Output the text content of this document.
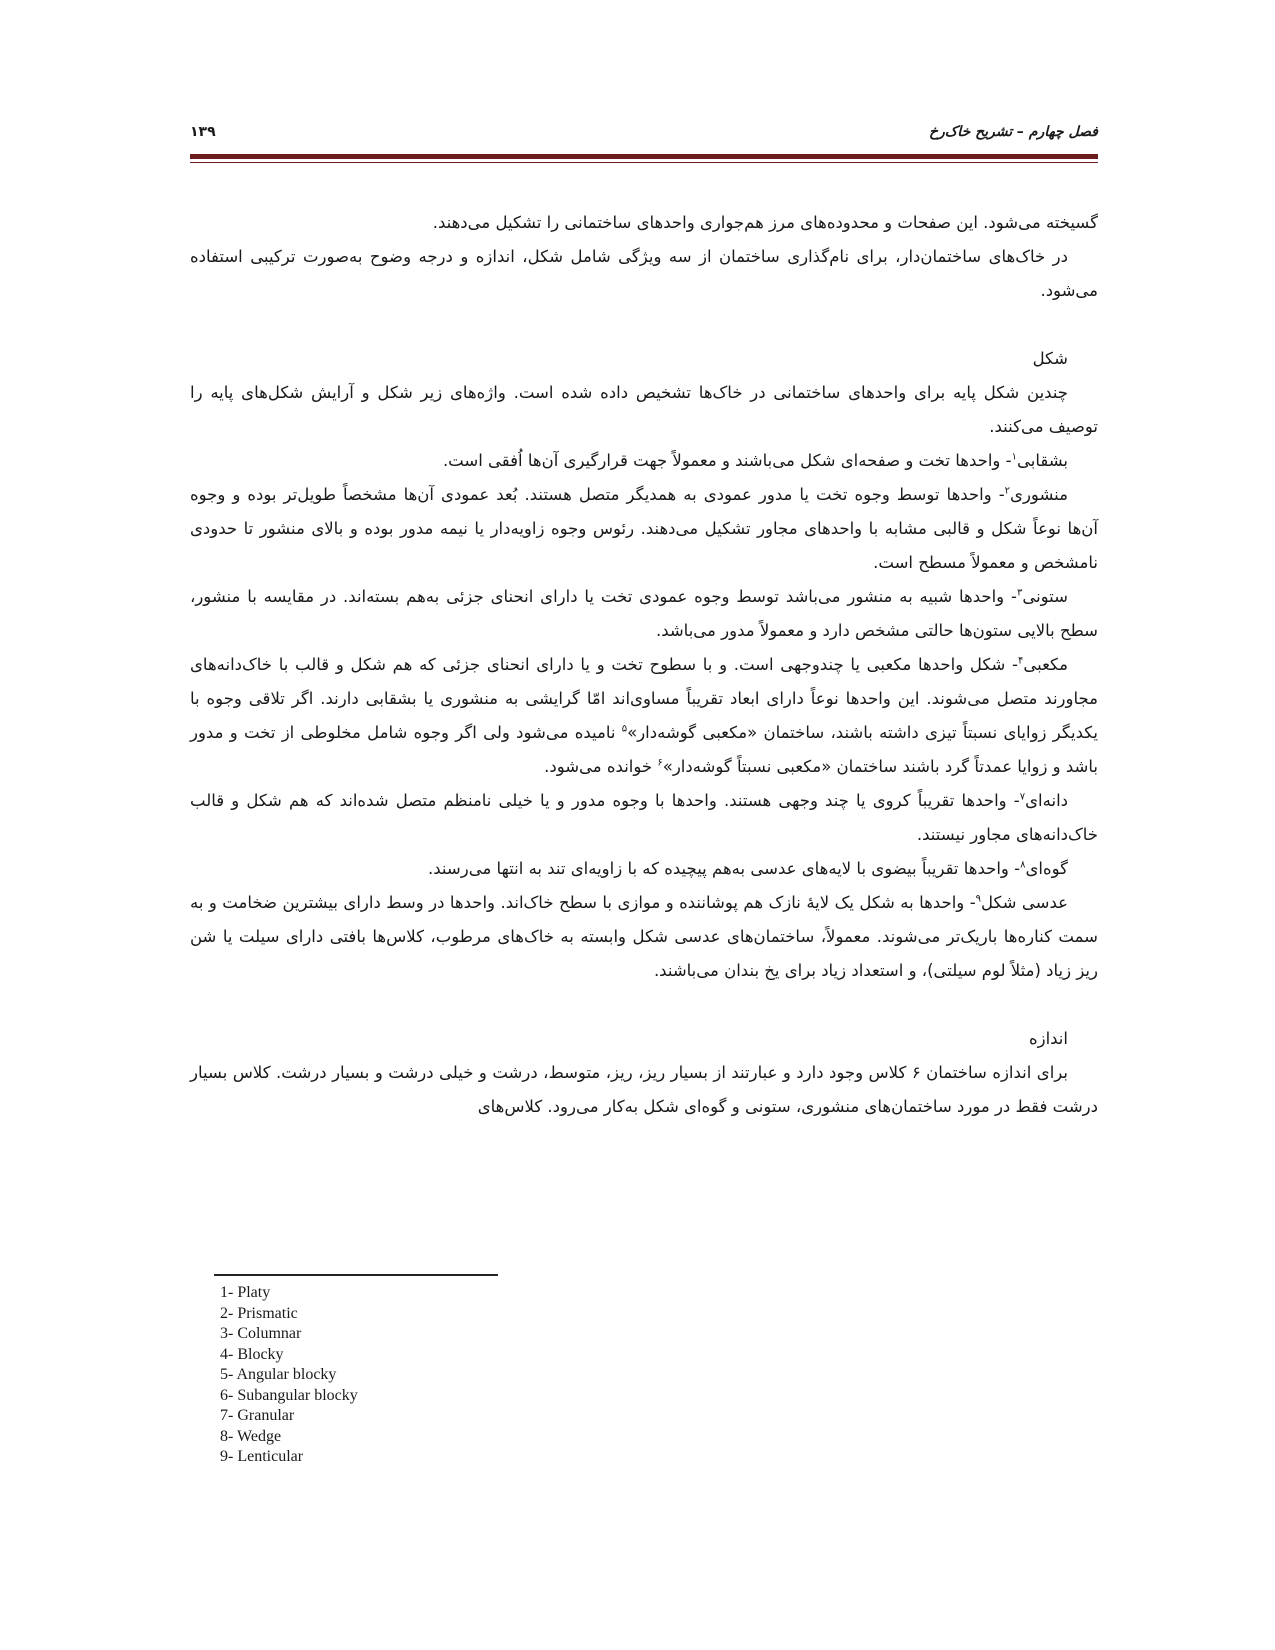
فصل چهارم – تشریح خاک‌رخ
۱۳۹

گسیخته می‌شود. این صفحات و محدوده‌های مرز هم‌جواری واحدهای ساختمانی را تشکیل می‌دهند.

در خاک‌های ساختمان‌دار، برای نام‌گذاری ساختمان از سه ویژگی شامل شکل، اندازه و درجه وضوح به‌صورت ترکیبی استفاده می‌شود.

شکل

چندین شکل پایه برای واحدهای ساختمانی در خاک‌ها تشخیص داده شده است. واژه‌های زیر شکل و آرایش شکل‌های پایه را توصیف می‌کنند.

بشقابی$^۱$- واحدها تخت و صفحه‌ای شکل می‌باشند و معمولاً جهت قرارگیری آن‌ها اُفقی است.

منشوری$^۲$- واحدها توسط وجوه تخت یا مدور عمودی به همدیگر متصل هستند. بُعد عمودی آن‌ها مشخصاً طویل‌تر بوده و وجوه آن‌ها نوعاً شکل و قالبی مشابه با واحدهای مجاور تشکیل می‌دهند. رئوس وجوه زاویه‌دار یا نیمه مدور بوده و بالای منشور تا حدودی نامشخص و معمولاً مسطح است.

ستونی$^۳$- واحدها شبیه به منشور می‌باشد توسط وجوه عمودی تخت یا دارای انحنای جزئی به‌هم بسته‌اند. در مقایسه با منشور، سطح بالایی ستون‌ها حالتی مشخص دارد و معمولاً مدور می‌باشد.

مکعبی$^۴$- شکل واحدها مکعبی یا چندوجهی است. و با سطوح تخت و یا دارای انحنای جزئی که هم شکل و قالب با خاک‌دانه‌های مجاورند متصل می‌شوند. این واحدها نوعاً دارای ابعاد تقریباً مساوی‌اند امّا گرایشی به منشوری یا بشقابی دارند. اگر تلاقی وجوه با یکدیگر زوایای نسبتاً تیزی داشته باشند، ساختمان «مکعبی گوشه‌دار»$^۵$ نامیده می‌شود ولی اگر وجوه شامل مخلوطی از تخت و مدور باشد و زوایا عمدتاً گرد باشند ساختمان «مکعبی نسبتاً گوشه‌دار»$^۶$ خوانده می‌شود.

دانه‌ای$^۷$- واحدها تقریباً کروی یا چند وجهی هستند. واحدها با وجوه مدور و یا خیلی نامنظم متصل شده‌اند که هم شکل و قالب خاک‌دانه‌های مجاور نیستند.

گوه‌ای$^۸$- واحدها تقریباً بیضوی با لایه‌های عدسی به‌هم پیچیده که با زاویه‌ای تند به انتها می‌رسند.

عدسی شکل$^۹$- واحدها به شکل یک لایۀ نازک هم پوشاننده و موازی با سطح خاک‌اند. واحدها در وسط دارای بیشترین ضخامت و به سمت کناره‌ها باریک‌تر می‌شوند. معمولاً، ساختمان‌های عدسی شکل وابسته به خاک‌های مرطوب، کلاس‌ها بافتی دارای سیلت یا شن ریز زیاد (مثلاً لوم سیلتی)، و استعداد زیاد برای یخ بندان می‌باشند.

اندازه

برای اندازه ساختمان ۶ کلاس وجود دارد و عبارتند از بسیار ریز، ریز، متوسط، درشت و خیلی درشت و بسیار درشت. کلاس بسیار درشت فقط در مورد ساختمان‌های منشوری، ستونی و گوه‌ای شکل به‌کار می‌رود. کلاس‌های

1- Platy
2- Prismatic
3- Columnar
4- Blocky
5- Angular blocky
6- Subangular blocky
7- Granular
8- Wedge
9- Lenticular
